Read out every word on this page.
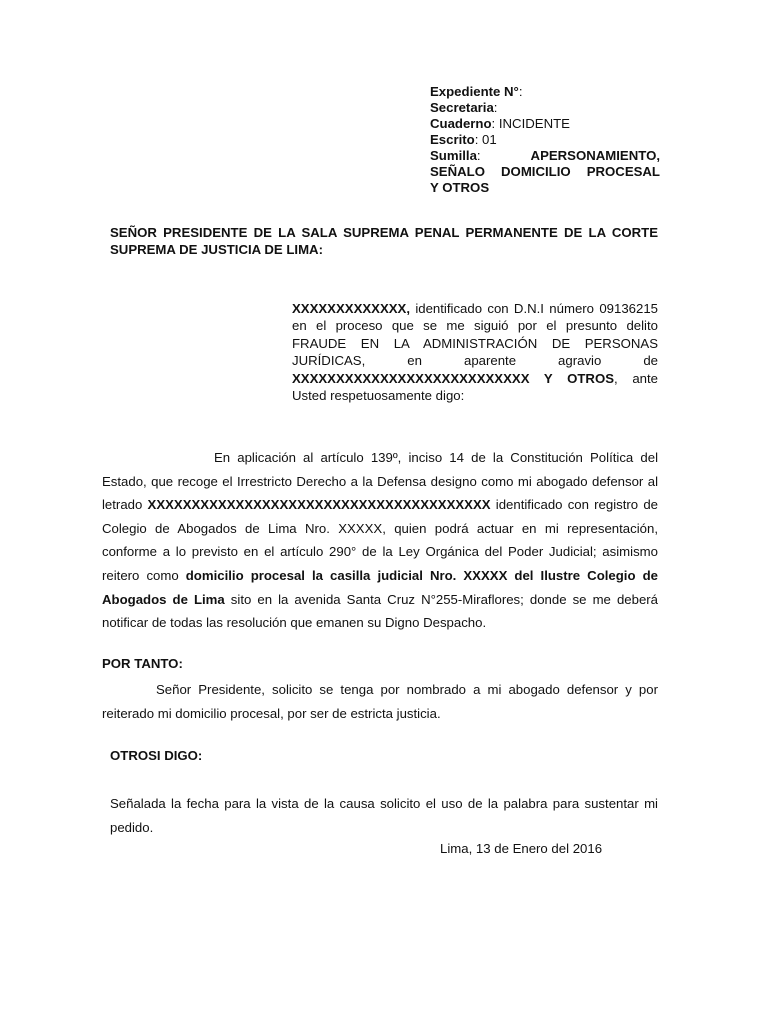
Expediente N°:
Secretaria:
Cuaderno: INCIDENTE
Escrito: 01
Sumilla:	APERSONAMIENTO,
SEÑALO DOMICILIO PROCESAL
Y OTROS
SEÑOR PRESIDENTE DE LA SALA SUPREMA PENAL PERMANENTE DE LA CORTE SUPREMA DE JUSTICIA DE LIMA:
XXXXXXXXXXXXX, identificado con D.N.I número 09136215 en el proceso que se me siguió por el presunto delito FRAUDE EN LA ADMINISTRACIÓN DE PERSONAS JURÍDICAS, en aparente agravio de XXXXXXXXXXXXXXXXXXXXXXXXXXX Y OTROS, ante Usted respetuosamente digo:
En aplicación al artículo 139º, inciso 14 de la Constitución Política del Estado, que recoge el Irrestricto Derecho a la Defensa designo como mi abogado defensor al letrado XXXXXXXXXXXXXXXXXXXXXXXXXXXXXXXXXXXXXXX identificado con registro de Colegio de Abogados de Lima Nro. XXXXX, quien podrá actuar en mi representación, conforme a lo previsto en el artículo 290° de la Ley Orgánica del Poder Judicial; asimismo reitero como domicilio procesal la casilla judicial Nro. XXXXX del Ilustre Colegio de Abogados de Lima sito en la avenida Santa Cruz N°255-Miraflores; donde se me deberá notificar de todas las resolución que emanen su Digno Despacho.
POR TANTO:
Señor Presidente, solicito se tenga por nombrado a mi abogado defensor y por reiterado mi domicilio procesal, por ser de estricta justicia.
OTROSI DIGO:
Señalada la fecha para la vista de la causa solicito el uso de la palabra para sustentar mi pedido.
Lima, 13 de Enero del 2016
